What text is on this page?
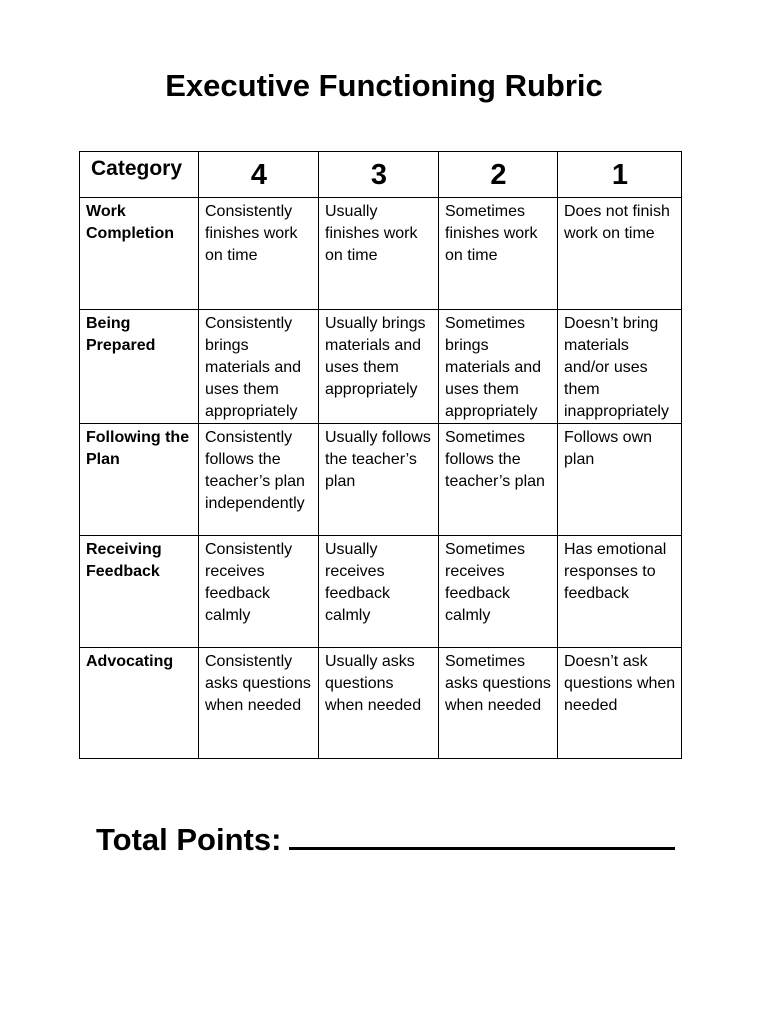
Executive Functioning Rubric
Category	4	3	2	1
Work Completion	Consistently finishes work on time	Usually finishes work on time	Sometimes finishes work on time	Does not finish work on time
Being Prepared	Consistently brings materials and uses them appropriately	Usually brings materials and uses them appropriately	Sometimes brings materials and uses them appropriately	Doesn’t bring materials and/or uses them inappropriately
Following the Plan	Consistently follows the teacher’s plan independently	Usually follows the teacher’s plan	Sometimes follows the teacher’s plan	Follows own plan
Receiving Feedback	Consistently receives feedback calmly	Usually receives feedback calmly	Sometimes receives feedback calmly	Has emotional responses to feedback
Advocating	Consistently asks questions when needed	Usually asks questions when needed	Sometimes asks questions when needed	Doesn’t ask questions when needed
Total Points:
